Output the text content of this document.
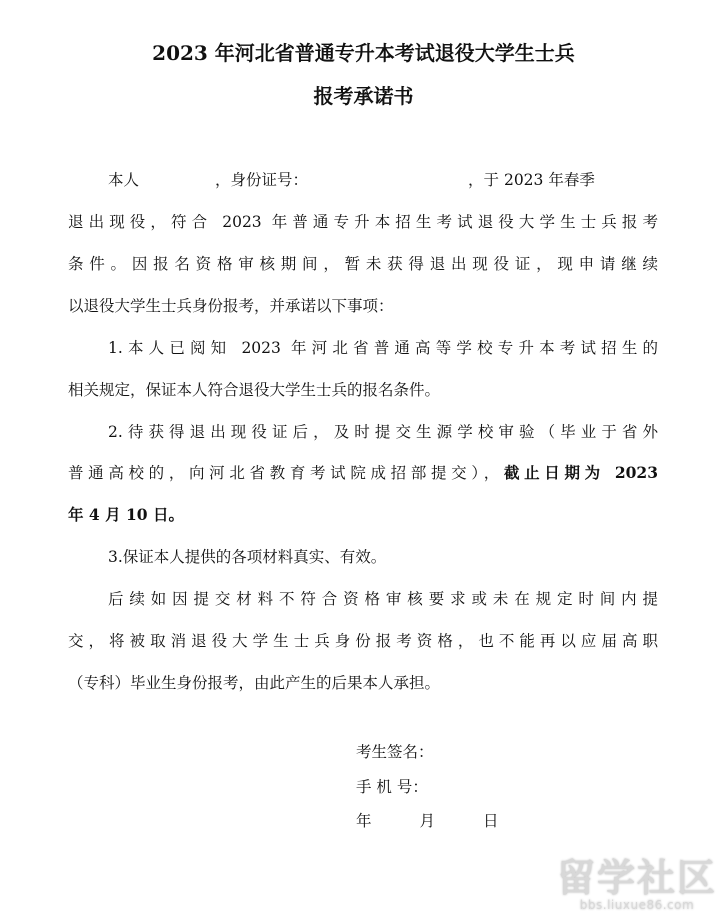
2023 年河北省普通专升本考试退役大学生士兵
报考承诺书
本人	，身份证号：	，于 2023 年春季
退出现役，符合 2023 年普通专升本招生考试退役大学生士兵报考
条件。因报名资格审核期间，暂未获得退出现役证，现申请继续
以退役大学生士兵身份报考，并承诺以下事项：
1.本人已阅知 2023 年河北省普通高等学校专升本考试招生的
相关规定，保证本人符合退役大学生士兵的报名条件。
2.待获得退出现役证后，及时提交生源学校审验（毕业于省外
普通高校的，向河北省教育考试院成招部提交），截止日期为 2023
年 4 月 10 日。
3.保证本人提供的各项材料真实、有效。
后续如因提交材料不符合资格审核要求或未在规定时间内提
交，将被取消退役大学生士兵身份报考资格，也不能再以应届高职
（专科）毕业生身份报考，由此产生的后果本人承担。
考生签名：
手 机 号：
年	月	日
留学社区
bbs.liuxue86.com
